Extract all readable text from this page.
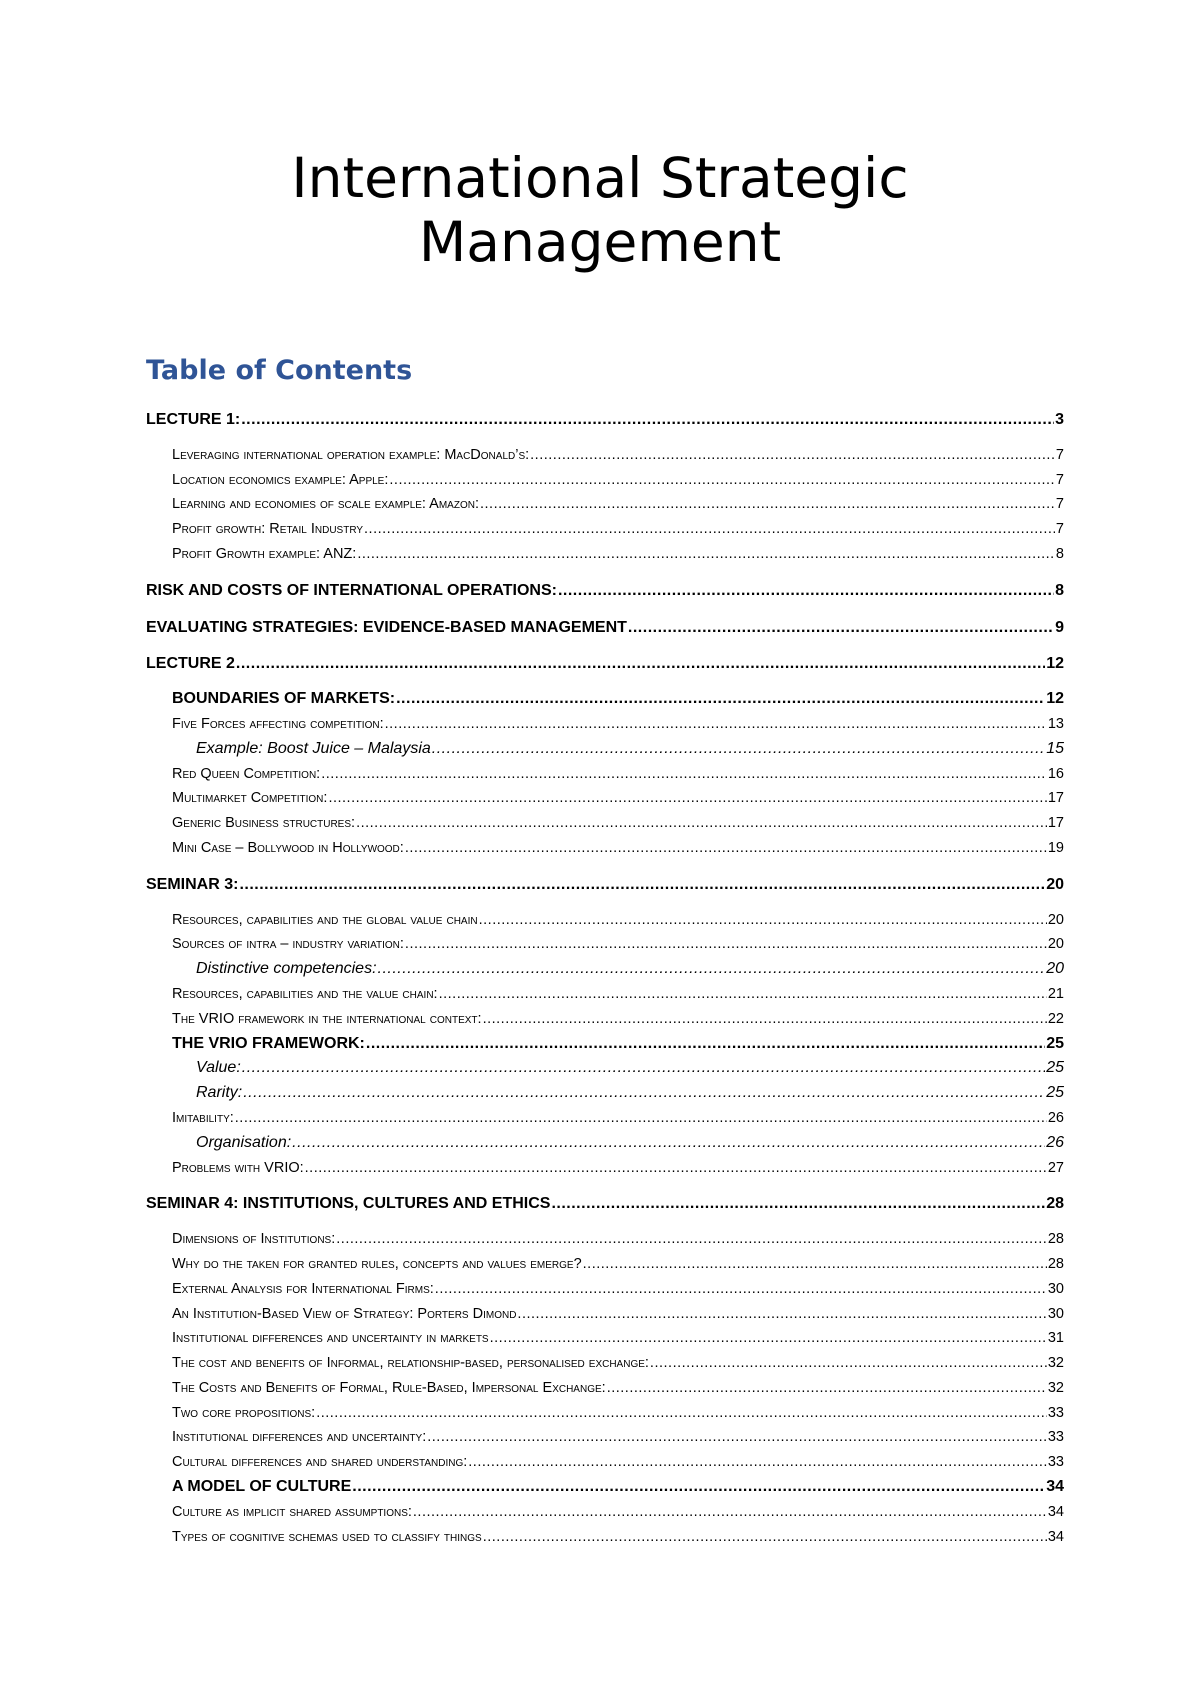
International Strategic
Management
Table of Contents
LECTURE 1: .....	3
Leveraging international operation example: MacDonald’s: .....	7
Location economics example: Apple: .....	7
Learning and economies of scale example: Amazon: .....	7
Profit growth: Retail Industry .....	7
Profit Growth example: ANZ: .....	8
RISK AND COSTS OF INTERNATIONAL OPERATIONS: .....	8
EVALUATING STRATEGIES: EVIDENCE-BASED MANAGEMENT .....	9
LECTURE 2 .....	12
BOUNDARIES OF MARKETS: .....	12
Five Forces affecting competition: .....	13
Example: Boost Juice – Malaysia .....	15
Red Queen Competition: .....	16
Multimarket Competition: .....	17
Generic Business structures: .....	17
Mini Case – Bollywood in Hollywood: .....	19
SEMINAR 3: .....	20
Resources, capabilities and the global value chain .....	20
Sources of intra – industry variation: .....	20
Distinctive competencies: .....	20
Resources, capabilities and the value chain: .....	21
The VRIO framework in the international context: .....	22
THE VRIO FRAMEWORK: .....	25
Value: .....	25
Rarity: .....	25
Imitability: .....	26
Organisation: .....	26
Problems with VRIO: .....	27
SEMINAR 4: INSTITUTIONS, CULTURES AND ETHICS .....	28
Dimensions of Institutions: .....	28
Why do the taken for granted rules, concepts and values emerge? .....	28
External Analysis for International Firms: .....	30
An Institution-Based View of Strategy: Porters Dimond .....	30
Institutional differences and uncertainty in markets .....	31
The cost and benefits of Informal, relationship-based, personalised exchange: .....	32
The Costs and Benefits of Formal, Rule-Based, Impersonal Exchange: .....	32
Two core propositions: .....	33
Institutional differences and uncertainty: .....	33
Cultural differences and shared understanding: .....	33
A MODEL OF CULTURE .....	34
Culture as implicit shared assumptions: .....	34
Types of cognitive schemas used to classify things .....	34
